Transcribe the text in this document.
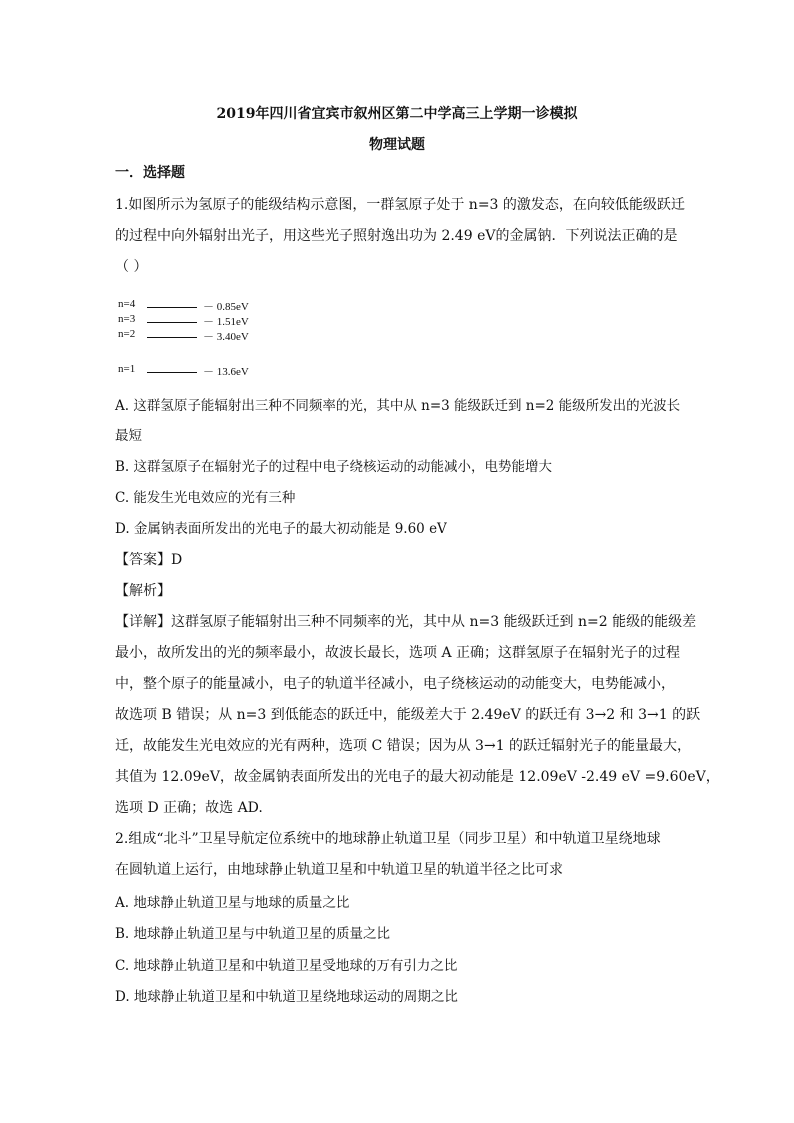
2019年四川省宜宾市叙州区第二中学高三上学期一诊模拟
物理试题
一．选择题
1.如图所示为氢原子的能级结构示意图，一群氢原子处于 n=3 的激发态，在向较低能级跃迁
的过程中向外辐射出光子，用这些光子照射逸出功为 2.49 eV的金属钠．下列说法正确的是
（ ）

n=4	－ 0.85eV
n=3	－ 1.51eV
n=2	－ 3.40eV
n=1	－ 13.6eV
A. 这群氢原子能辐射出三种不同频率的光，其中从 n=3 能级跃迁到 n=2 能级所发出的光波长
最短
B. 这群氢原子在辐射光子的过程中电子绕核运动的动能减小，电势能增大
C. 能发生光电效应的光有三种
D. 金属钠表面所发出的光电子的最大初动能是 9.60 eV
【答案】D
【解析】
【详解】这群氢原子能辐射出三种不同频率的光，其中从 n=3 能级跃迁到 n=2 能级的能级差
最小，故所发出的光的频率最小，故波长最长，选项 A 正确；这群氢原子在辐射光子的过程
中，整个原子的能量减小，电子的轨道半径减小，电子绕核运动的动能变大，电势能减小，
故选项 B 错误；从 n=3 到低能态的跃迁中，能级差大于 2.49eV 的跃迁有 3→2 和 3→1 的跃
迁，故能发生光电效应的光有两种，选项 C 错误；因为从 3→1 的跃迁辐射光子的能量最大，
其值为 12.09eV，故金属钠表面所发出的光电子的最大初动能是 12.09eV -2.49 eV =9.60eV，
选项 D 正确；故选 AD.

2.组成“北斗”卫星导航定位系统中的地球静止轨道卫星（同步卫星）和中轨道卫星绕地球
在圆轨道上运行，由地球静止轨道卫星和中轨道卫星的轨道半径之比可求
A. 地球静止轨道卫星与地球的质量之比
B. 地球静止轨道卫星与中轨道卫星的质量之比
C. 地球静止轨道卫星和中轨道卫星受地球的万有引力之比
D. 地球静止轨道卫星和中轨道卫星绕地球运动的周期之比
